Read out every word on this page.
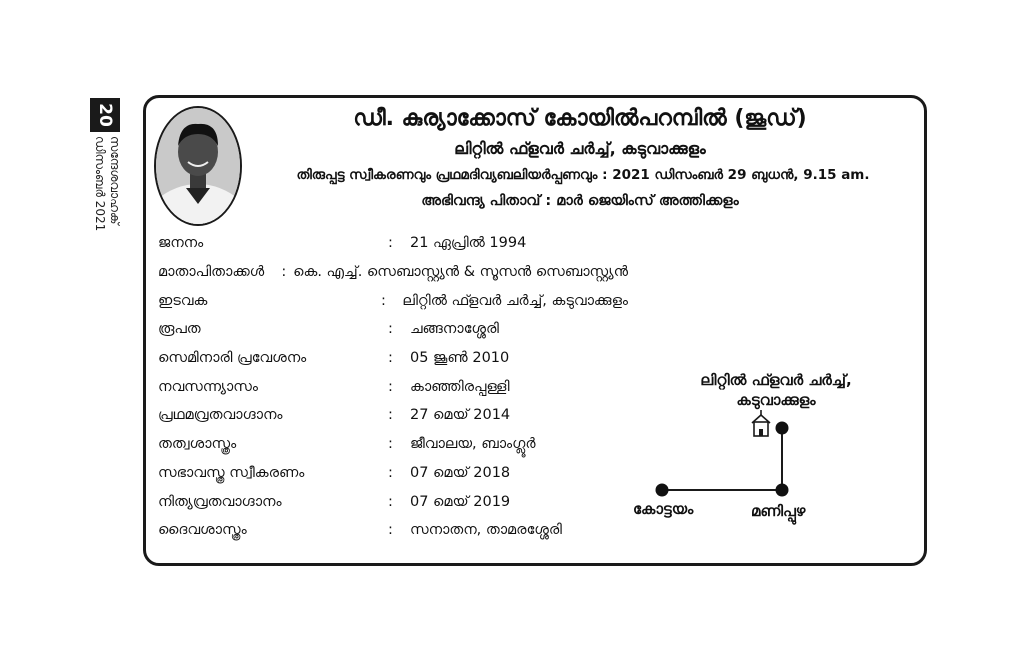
20
സന്ദേശവാഹക് ഡിസംബർ 2021
ഡീ. കുര്യാക്കോസ് കോയിൽപറമ്പിൽ (ജൂഡ്)
ലിറ്റിൽ ഫ്ളവർ ചർച്ച്, കടുവാക്കുളം
തിരുപ്പട്ട സ്വീകരണവും പ്രഥമദിവ്യബലിയർപ്പണവും : 2021 ഡിസംബർ 29 ബുധൻ, 9.15 am.
അഭിവന്ദ്യ പിതാവ് : മാർ ജെയിംസ് അത്തിക്കളം
ജനനം	:	21 ഏപ്രിൽ 1994
മാതാപിതാക്കൾ	: കെ. എച്ച്. സെബാസ്റ്റ്യൻ & സൂസൻ സെബാസ്റ്റ്യൻ
ഇടവക	:	ലിറ്റിൽ ഫ്ളവർ ചർച്ച്, കടുവാക്കുളം
രൂപത	:	ചങ്ങനാശ്ശേരി
സെമിനാരി പ്രവേശനം	:	05 ജൂൺ 2010
നവസന്ന്യാസം	:	കാഞ്ഞിരപ്പള്ളി
പ്രഥമവ്രതവാഗ്ദാനം	:	27 മെയ് 2014
തത്വശാസ്ത്രം	:	ജീവാലയ, ബാംഗ്ലൂർ
സഭാവസ്ത്ര സ്വീകരണം	:	07 മെയ് 2018
നിത്യവ്രതവാഗ്ദാനം	:	07 മെയ് 2019
ദൈവശാസ്ത്രം	:	സനാതന, താമരശ്ശേരി
ലിറ്റിൽ ഫ്ളവർ ചർച്ച്,
കടുവാക്കുളം
കോട്ടയം	മണിപ്പുഴ
